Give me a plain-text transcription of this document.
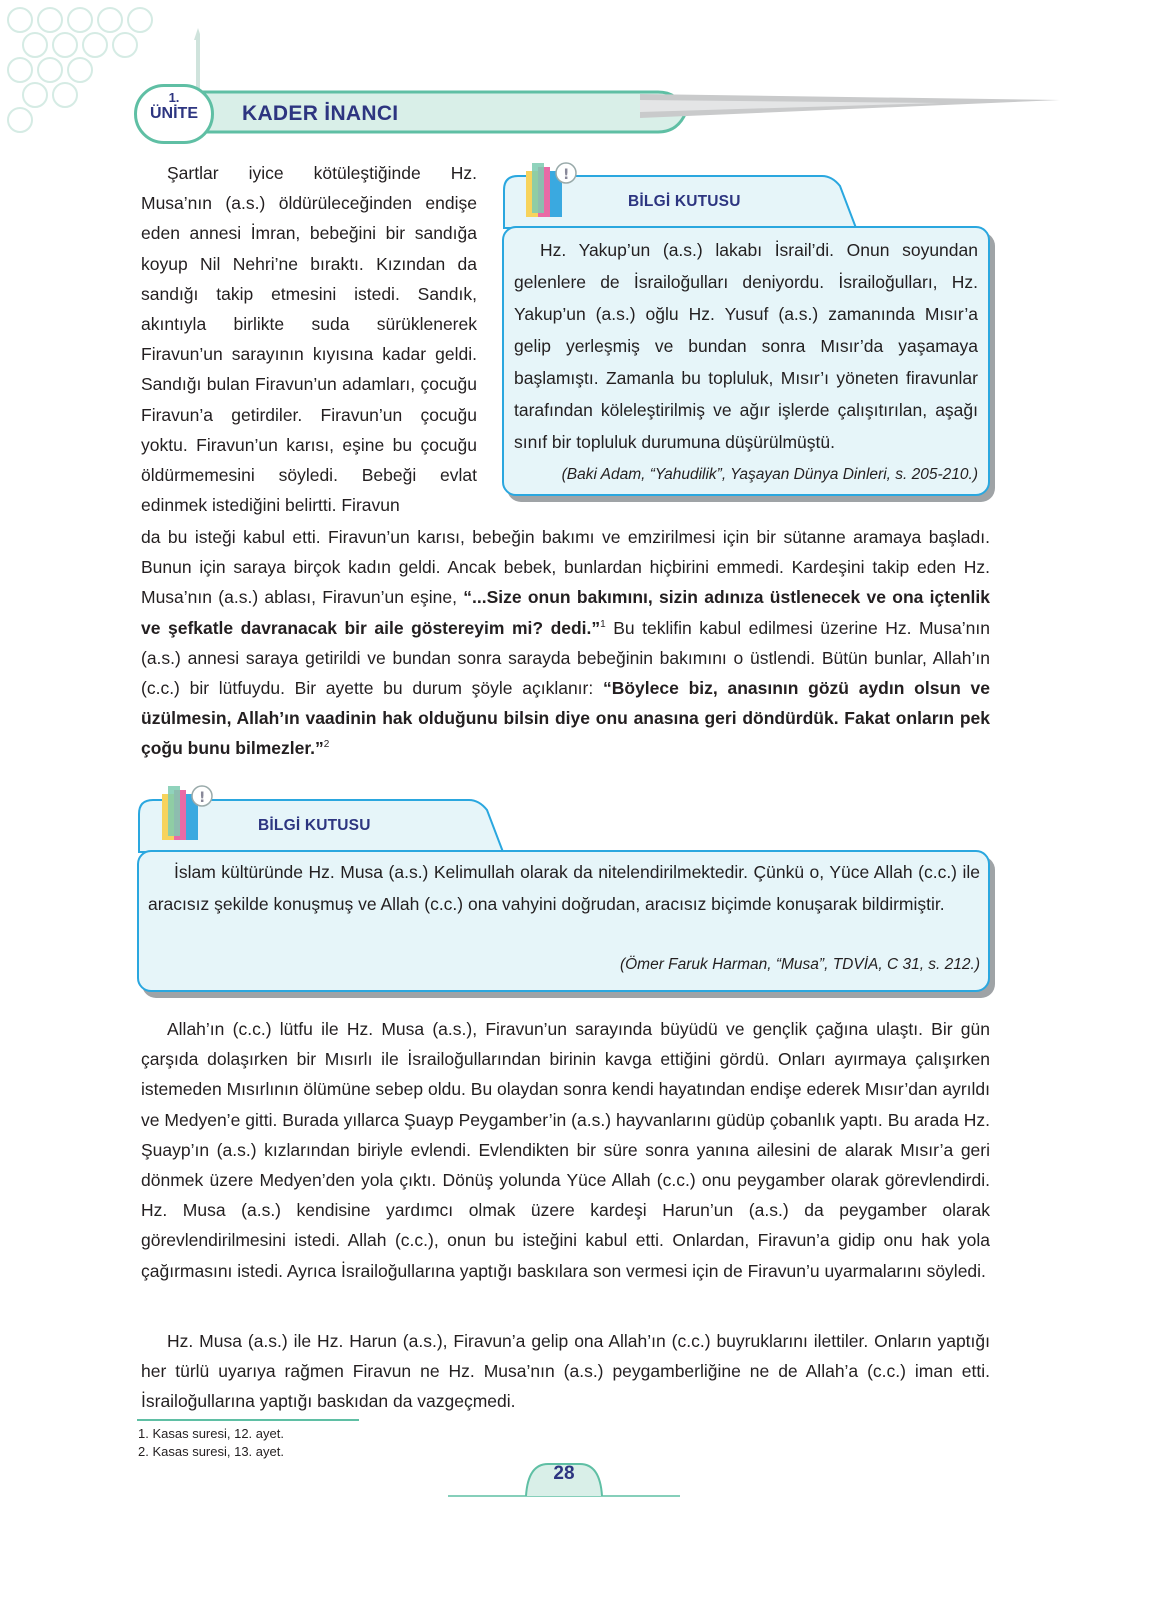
1.
ÜNİTE	KADER İNANCI

Şartlar iyice kötüleştiğinde Hz. Musa’nın (a.s.) öldürüleceğinden endişe eden annesi İmran, bebeğini bir sandığa koyup Nil Nehri’ne bıraktı. Kızından da sandığı takip etmesini istedi. Sandık, akıntıyla birlikte suda sürüklenerek Firavun’un sarayının kıyısına kadar geldi. Sandığı bulan Firavun’un adamları, çocuğu Firavun’a getirdiler. Firavun’un çocuğu yoktu. Firavun’un karısı, eşine bu çocuğu öldürmemesini söyledi. Bebeği evlat edinmek istediğini belirtti. Firavun

!
BİLGİ KUTUSU

Hz. Yakup’un (a.s.) lakabı İsrail’di. Onun soyundan gelenlere de İsrailoğulları deniyordu. İsrailoğulları, Hz. Yakup’un (a.s.) oğlu Hz. Yusuf (a.s.) zamanında Mısır’a gelip yerleşmiş ve bundan sonra Mısır’da yaşamaya başlamıştı. Zamanla bu topluluk, Mısır’ı yöneten firavunlar tarafından köleleştirilmiş ve ağır işlerde çalışıtırılan, aşağı sınıf bir topluluk durumuna düşürülmüştü.

(Baki Adam, “Yahudilik”, Yaşayan Dünya Dinleri, s. 205-210.)

da bu isteği kabul etti. Firavun’un karısı, bebeğin bakımı ve emzirilmesi için bir sütanne aramaya başladı. Bunun için saraya birçok kadın geldi. Ancak bebek, bunlardan hiçbirini emmedi. Kardeşini takip eden Hz. Musa’nın (a.s.) ablası, Firavun’un eşine, “...Size onun bakımını, sizin adınıza üstlenecek ve ona içtenlik ve şefkatle davranacak bir aile göstereyim mi? dedi.”$^1$ Bu teklifin kabul edilmesi üzerine Hz. Musa’nın (a.s.) annesi saraya getirildi ve bundan sonra sarayda bebeğinin bakımını o üstlendi. Bütün bunlar, Allah’ın (c.c.) bir lütfuydu. Bir ayette bu durum şöyle açıklanır: “Böylece biz, anasının gözü aydın olsun ve üzülmesin, Allah’ın vaadinin hak olduğunu bilsin diye onu anasına geri döndürdük. Fakat onların pek çoğu bunu bilmezler.”$^2$

!
BİLGİ KUTUSU

İslam kültüründe Hz. Musa (a.s.) Kelimullah olarak da nitelendirilmektedir. Çünkü o, Yüce Allah (c.c.) ile aracısız şekilde konuşmuş ve Allah (c.c.) ona vahyini doğrudan, aracısız biçimde konuşarak bildirmiştir.

(Ömer Faruk Harman, “Musa”, TDVİA, C 31, s. 212.)

Allah’ın (c.c.) lütfu ile Hz. Musa (a.s.), Firavun’un sarayında büyüdü ve gençlik çağına ulaştı. Bir gün çarşıda dolaşırken bir Mısırlı ile İsrailoğullarından birinin kavga ettiğini gördü. Onları ayırmaya çalışırken istemeden Mısırlının ölümüne sebep oldu. Bu olaydan sonra kendi hayatından endişe ederek Mısır’dan ayrıldı ve Medyen’e gitti. Burada yıllarca Şuayp Peygamber’in (a.s.) hayvanlarını güdüp çobanlık yaptı. Bu arada Hz. Şuayp’ın (a.s.) kızlarından biriyle evlendi. Evlendikten bir süre sonra yanına ailesini de alarak Mısır’a geri dönmek üzere Medyen’den yola çıktı. Dönüş yolunda Yüce Allah (c.c.) onu peygamber olarak görevlendirdi. Hz. Musa (a.s.) kendisine yardımcı olmak üzere kardeşi Harun’un (a.s.) da peygamber olarak görevlendirilmesini istedi. Allah (c.c.), onun bu isteğini kabul etti. Onlardan, Firavun’a gidip onu hak yola çağırmasını istedi. Ayrıca İsrailoğullarına yaptığı baskılara son vermesi için de Firavun’u uyarmalarını söyledi.

Hz. Musa (a.s.) ile Hz. Harun (a.s.), Firavun’a gelip ona Allah’ın (c.c.) buyruklarını ilettiler. Onların yaptığı her türlü uyarıya rağmen Firavun ne Hz. Musa’nın (a.s.) peygamberliğine ne de Allah’a (c.c.) iman etti. İsrailoğullarına yaptığı baskıdan da vazgeçmedi.

1. Kasas suresi, 12. ayet.

2. Kasas suresi, 13. ayet.

28
